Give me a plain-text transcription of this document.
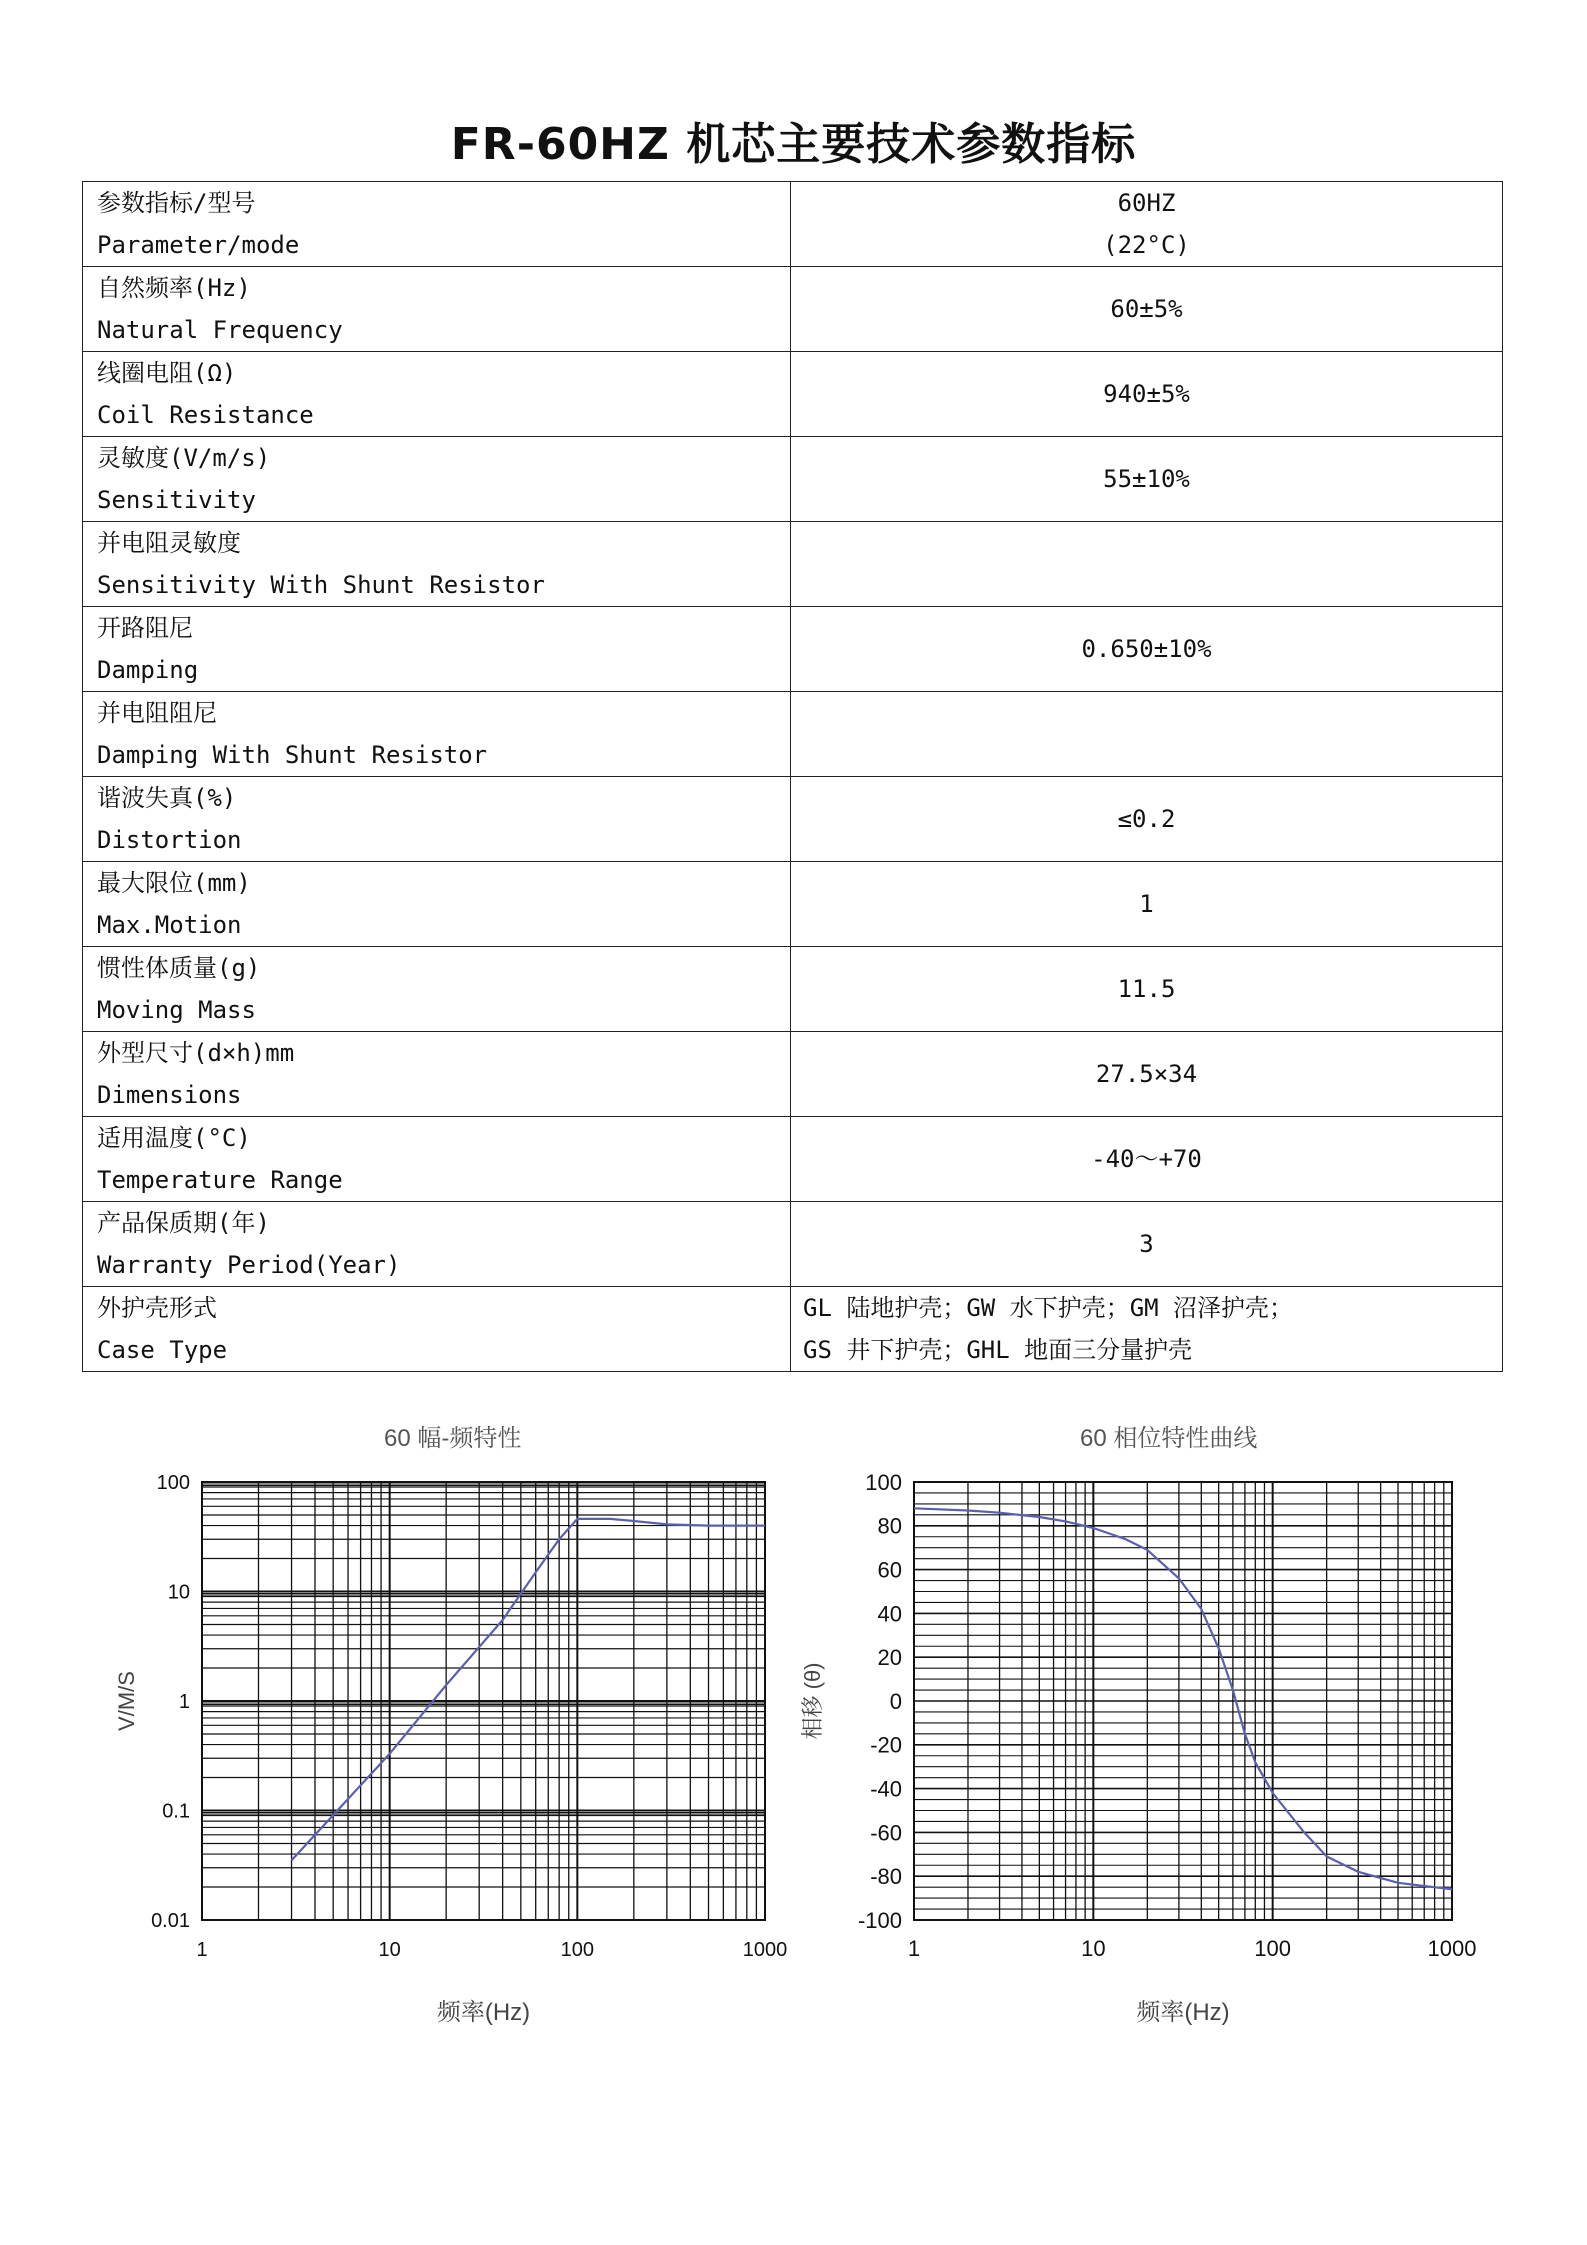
FR-60HZ 机芯主要技术参数指标
参数指标/型号
Parameter/mode	60HZ
(22°C)

自然频率(Hz)
Natural Frequency	60±5%

线圈电阻(Ω)
Coil Resistance	940±5%

灵敏度(V/m/s)
Sensitivity	55±10%

并电阻灵敏度
Sensitivity With Shunt Resistor	

开路阻尼
Damping	0.650±10%

并电阻阻尼
Damping With Shunt Resistor	

谐波失真(%)
Distortion	≤0.2

最大限位(mm)
Max.Motion	1

惯性体质量(g)
Moving Mass	11.5

外型尺寸(d×h)mm
Dimensions	27.5×34

适用温度(°C)
Temperature Range	-40～+70

产品保质期(年)
Warranty Period(Year)	3

外护壳形式
Case Type	GL 陆地护壳；GW 水下护壳；GM 沼泽护壳；
GS 井下护壳；GHL 地面三分量护壳
60 幅-频特性
1	10	100	1000
100
10
1
0.1
0.01
频率(Hz)
V/M/S
60 相位特性曲线
1	10	100	1000
100
80
60
40
20
0
-20
-40
-60
-80
-100
频率(Hz)
相移 (θ)
